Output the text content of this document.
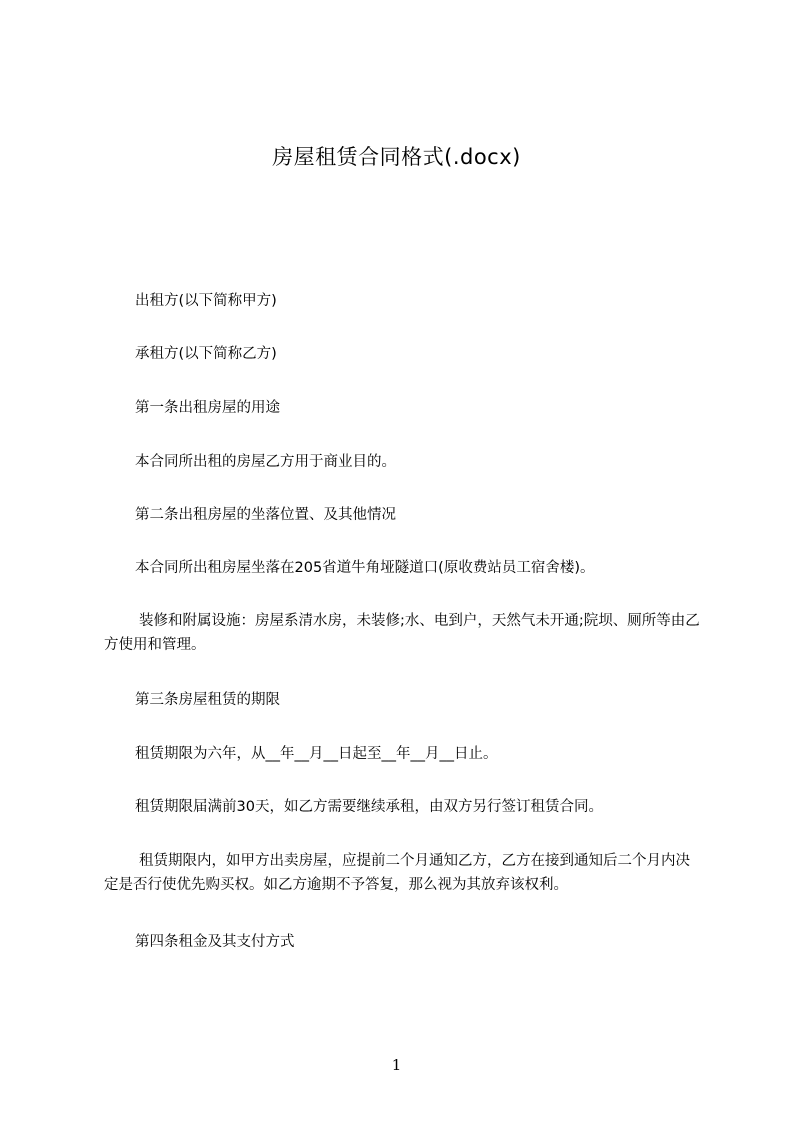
房屋租赁合同格式(.docx)
出租方(以下简称甲方)
承租方(以下简称乙方)
第一条出租房屋的用途
本合同所出租的房屋乙方用于商业目的。
第二条出租房屋的坐落位置、及其他情况
本合同所出租房屋坐落在205省道牛角垭隧道口(原收费站员工宿舍楼)。
装修和附属设施：房屋系清水房，未装修;水、电到户，天然气未开通;院坝、厕所等由乙方使用和管理。
第三条房屋租赁的期限
租赁期限为六年，从__年__月__日起至__年__月__日止。
租赁期限届满前30天，如乙方需要继续承租，由双方另行签订租赁合同。
租赁期限内，如甲方出卖房屋，应提前二个月通知乙方，乙方在接到通知后二个月内决定是否行使优先购买权。如乙方逾期不予答复，那么视为其放弃该权利。
第四条租金及其支付方式
1
